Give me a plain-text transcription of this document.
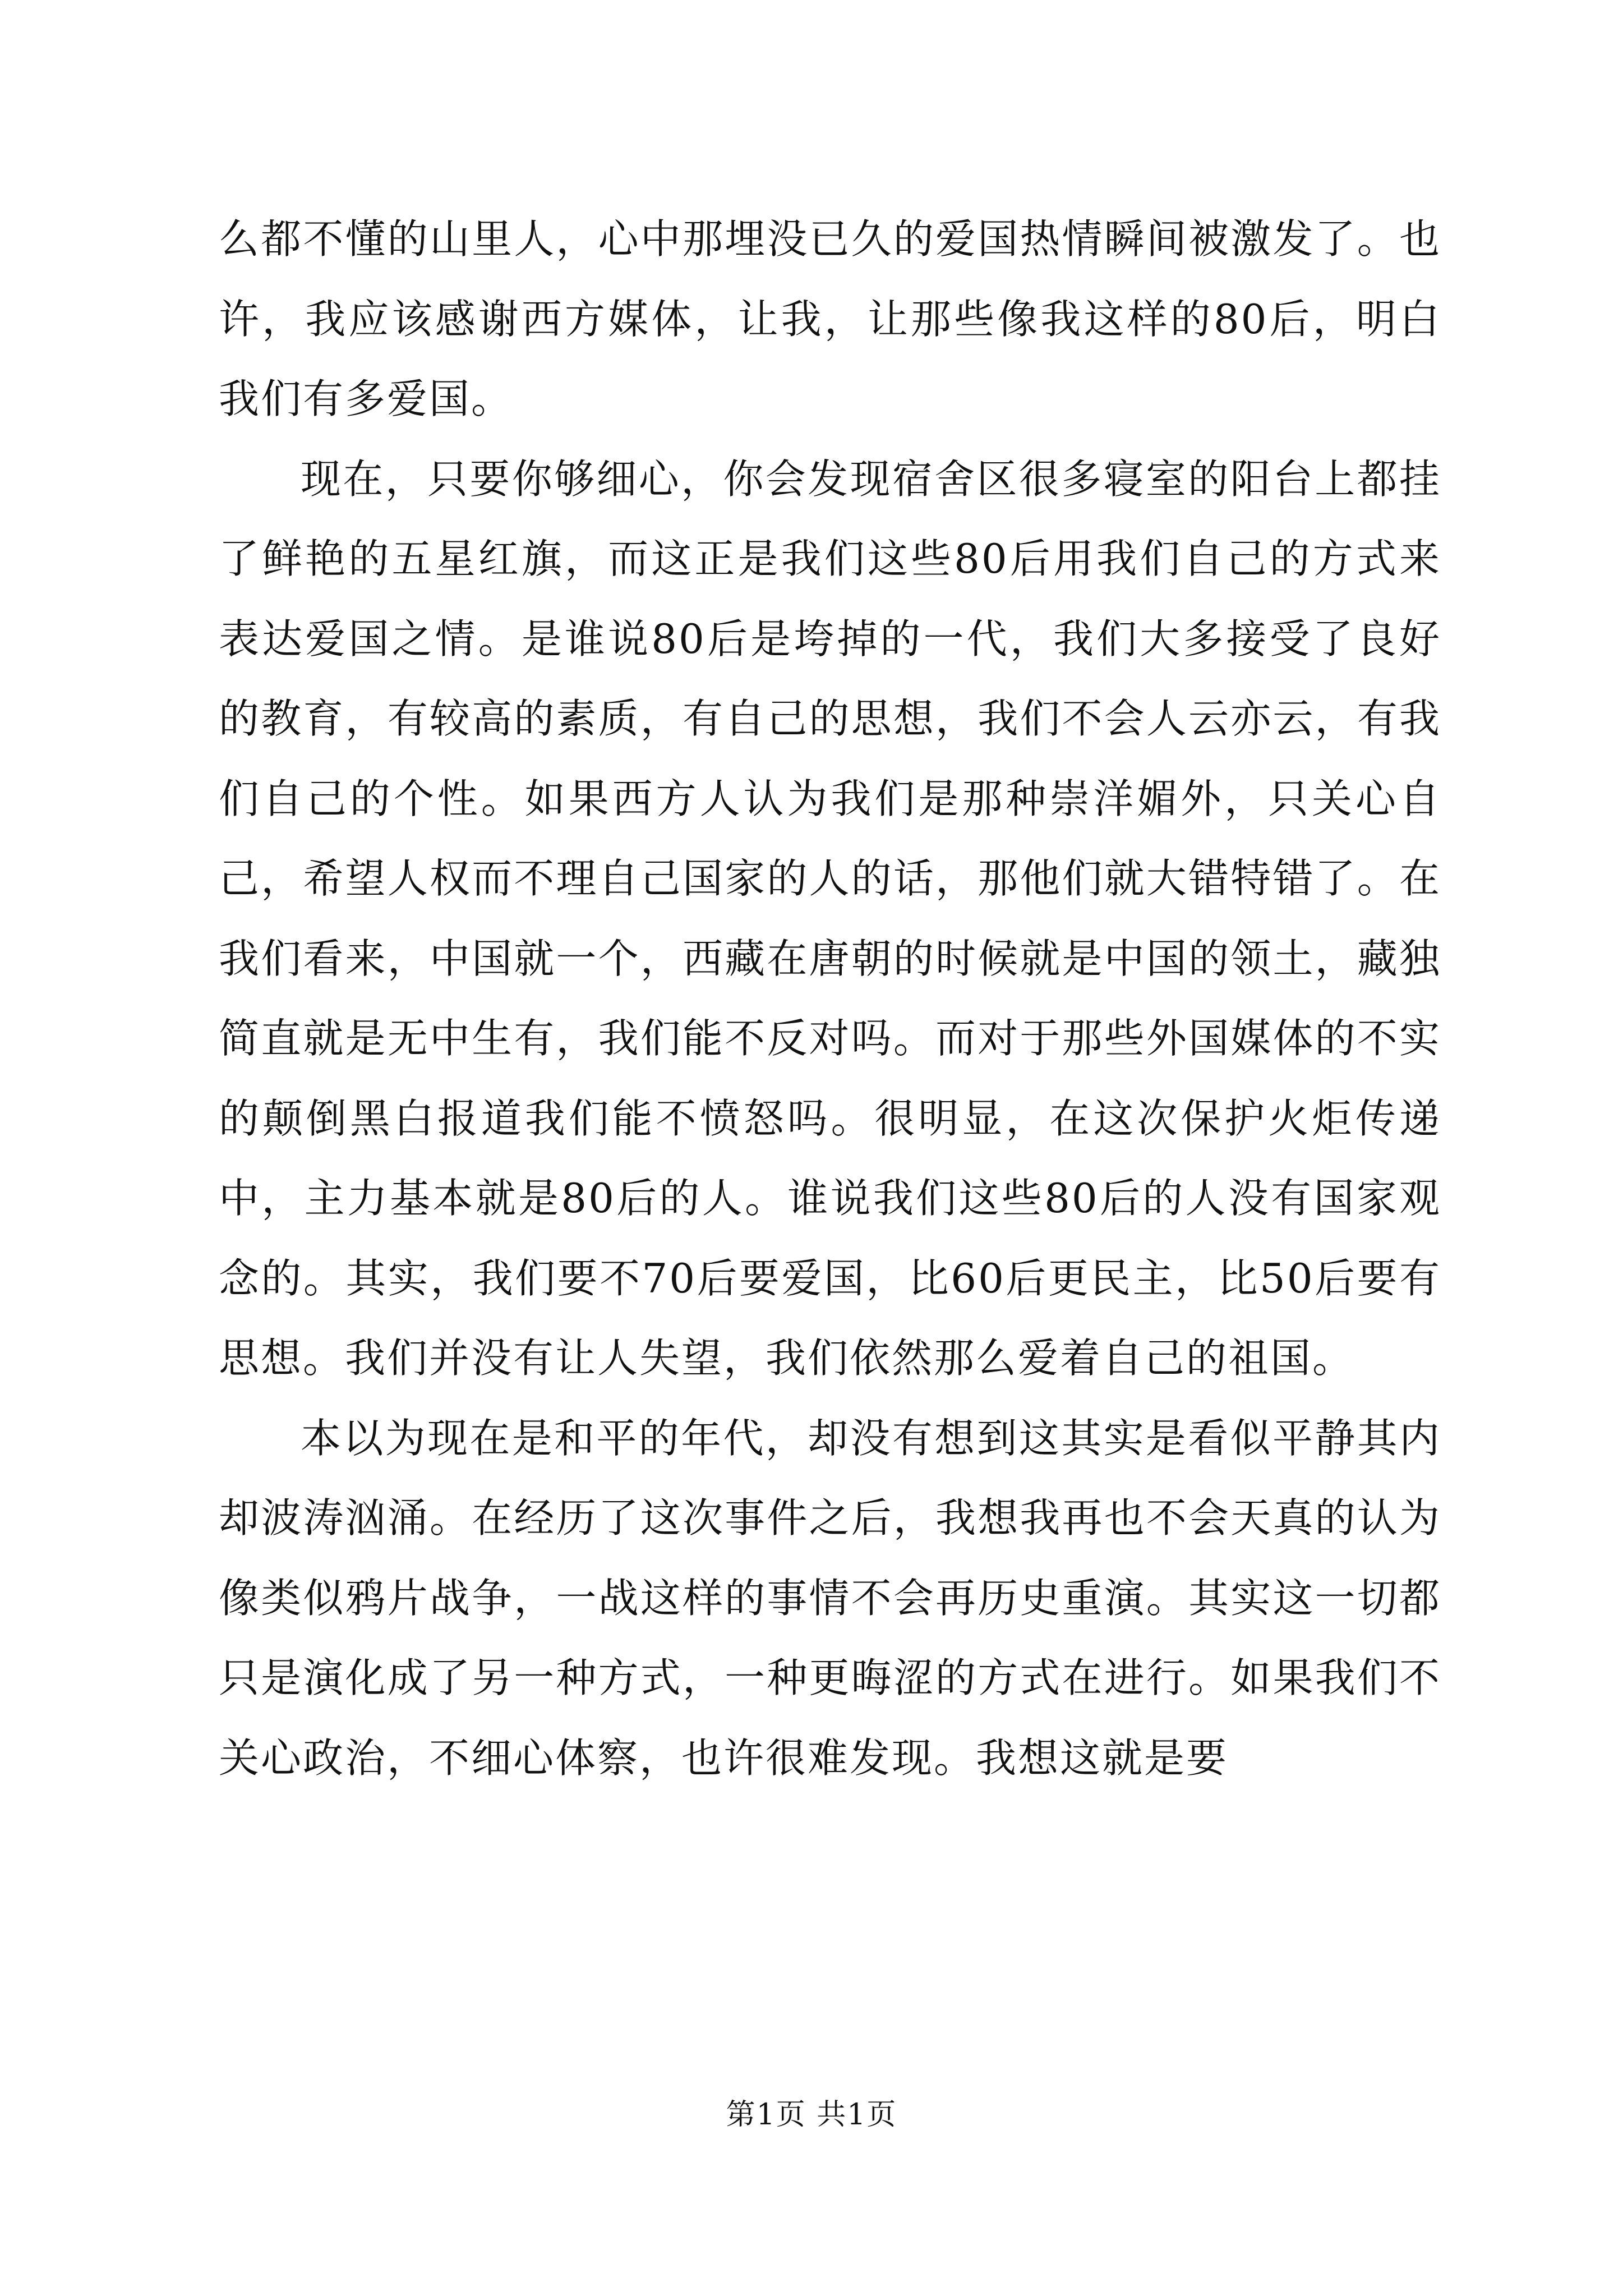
么都不懂的山里人，心中那埋没已久的爱国热情瞬间被激发了。也许，我应该感谢西方媒体，让我，让那些像我这样的80后，明白我们有多爱国。

现在，只要你够细心，你会发现宿舍区很多寝室的阳台上都挂了鲜艳的五星红旗，而这正是我们这些80后用我们自己的方式来表达爱国之情。是谁说80后是垮掉的一代，我们大多接受了良好的教育，有较高的素质，有自己的思想，我们不会人云亦云，有我们自己的个性。如果西方人认为我们是那种崇洋媚外，只关心自己，希望人权而不理自己国家的人的话，那他们就大错特错了。在我们看来，中国就一个，西藏在唐朝的时候就是中国的领土，藏独简直就是无中生有，我们能不反对吗。而对于那些外国媒体的不实的颠倒黑白报道我们能不愤怒吗。很明显，在这次保护火炬传递中，主力基本就是80后的人。谁说我们这些80后的人没有国家观念的。其实，我们要不70后要爱国，比60后更民主，比50后要有思想。我们并没有让人失望，我们依然那么爱着自己的祖国。

本以为现在是和平的年代，却没有想到这其实是看似平静其内却波涛汹涌。在经历了这次事件之后，我想我再也不会天真的认为像类似鸦片战争，一战这样的事情不会再历史重演。其实这一切都只是演化成了另一种方式，一种更晦涩的方式在进行。如果我们不关心政治，不细心体察，也许很难发现。我想这就是要

第1页 共1页
